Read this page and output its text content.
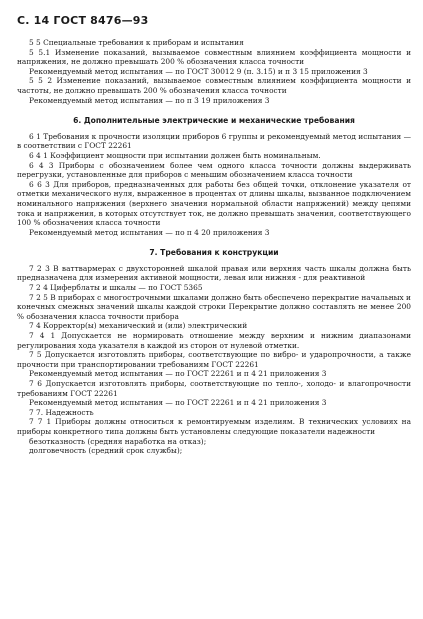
С. 14 ГОСТ 8476—93

5 5 Специальные требования к приборам и испытания

5 5.1 Изменение показаний, вызываемое совместным влиянием коэффициента мощности и напряжения, не должно превышать 200 % обозначения класса точности

Рекомендуемый метод испытания — по ГОСТ 30012 9 (п. 3.15) и п 3 15 приложения 3

5 5 2 Изменение показаний, вызываемое совместным влиянием коэффициента мощности и частоты, не должно превышать 200 % обозначения класса точности

Рекомендуемый метод испытания — по п 3 19 приложения 3

6. Дополнительные электрические и механические требования

6 1 Требования к прочности изоляции приборов 6 группы и рекомендуемый метод испытания — в соответствии с ГОСТ 22261

6 4 1 Коэффициент мощности при испытании должен быть номинальным.

6 4 3 Приборы с обозначением более чем одного класса точности должны выдерживать перегрузки, установленные для приборов с меньшим обозначением класса точности

6 6 3 Для приборов, предназначенных для работы без общей точки, отклонение указателя от отметки механического нуля, выраженное в процентах от длины шкалы, вызванное подключением номинального напряжения (верхнего значения нормальной области напряжений) между цепями тока и напряжения, в которых отсутствует ток, не должно превышать значения, соответствующего 100 % обозначения класса точности

Рекомендуемый метод испытания — по п 4 20 приложения 3

7. Требования к конструкции

7 2 3 В ваттвармерах с двухсторонней шкалой правая или верхняя часть шкалы должна быть предназначена для измерения активной мощности, левая или нижняя - для реактивной

7 2 4 Циферблаты и шкалы — по ГОСТ 5365

7 2 5 В приборах с многострочными шкалами должно быть обеспечено перекрытие начальных и конечных смежных значений шкалы каждой строки Перекрытие должно составлять не менее 200 % обозначения класса точности прибора

7 4 Корректор(ы) механический и (или) электрический

7 4 1 Допускается не нормировать отношение между верхним и нижним диапазонами регулирования хода указателя в каждой из сторон от нулевой отметки.

7 5 Допускается изготовлять приборы, соответствующие по вибро- и ударопрочности, а также прочности при транспортировании требованиям ГОСТ 22261

Рекомендуемый метод испытания — по ГОСТ 22261 и п 4 21 приложения 3

7 6 Допускается изготовлять приборы, соответствующие по тепло-, холодо- и влагопрочности требованиям ГОСТ 22261

Рекомендуемый метод испытания — по ГОСТ 22261 и п 4 21 приложения 3

7 7. Надежность

7 7 1 Приборы должны относиться к ремонтируемым изделиям. В технических условиях на приборы конкретного типа должны быть установлены следующие показатели надежности

безотказность (средняя наработка на отказ);

долговечность (средний срок службы);
